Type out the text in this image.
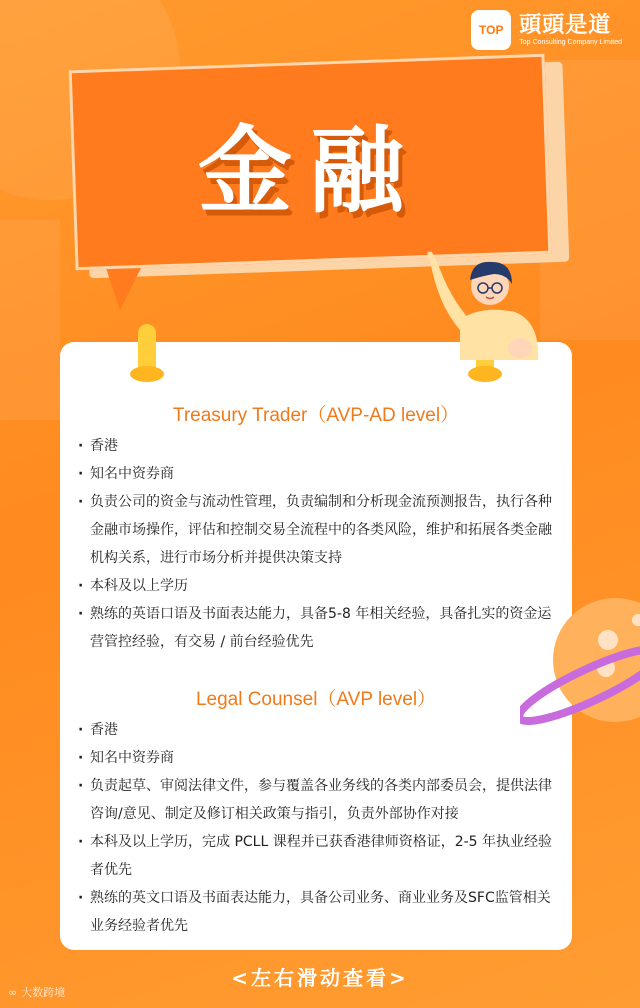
TOP 頭頭是道
Top Consulting Company Limited
金融
Treasury Trader（AVP-AD level）
· 香港
· 知名中资券商
· 负责公司的资金与流动性管理，负责编制和分析现金流预测报告，执行各种金融市场操作，评估和控制交易全流程中的各类风险，维护和拓展各类金融机构关系，进行市场分析并提供决策支持
· 本科及以上学历
· 熟练的英语口语及书面表达能力，具备5-8 年相关经验，具备扎实的资金运营管控经验，有交易 / 前台经验优先
Legal Counsel（AVP level）
· 香港
· 知名中资券商
· 负责起草、审阅法律文件，参与覆盖各业务线的各类内部委员会，提供法律咨询/意见、制定及修订相关政策与指引，负责外部协作对接
· 本科及以上学历，完成 PCLL 课程并已获香港律师资格证，2-5 年执业经验者优先
· 熟练的英文口语及书面表达能力，具备公司业务、商业业务及SFC监管相关业务经验者优先
<左右滑动查看>
∞ 大数跨境
